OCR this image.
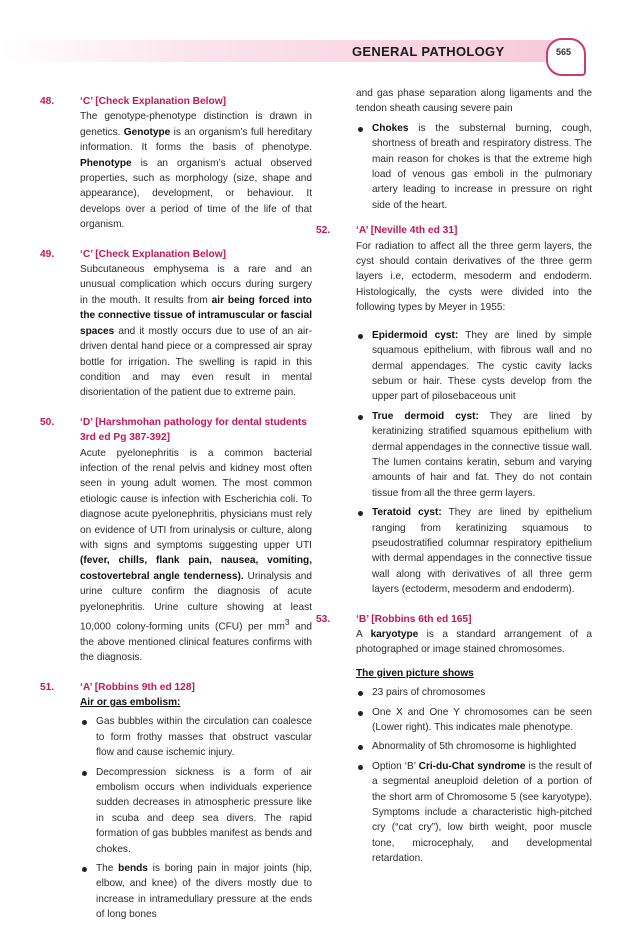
GENERAL PATHOLOGY	565
48.	‘C’ [Check Explanation Below]

The genotype-phenotype distinction is drawn in genetics. Genotype is an organism’s full hereditary information. It forms the basis of phenotype. Phenotype is an organism’s actual observed properties, such as morphology (size, shape and appearance), development, or behaviour. It develops over a period of time of the life of that organism.

49.	‘C’ [Check Explanation Below]

Subcutaneous emphysema is a rare and an unusual complication which occurs during surgery in the mouth. It results from air being forced into the connective tissue of intramuscular or fascial spaces and it mostly occurs due to use of an air-driven dental hand piece or a compressed air spray bottle for irrigation. The swelling is rapid in this condition and may even result in mental disorientation of the patient due to extreme pain.

50.	‘D’ [Harshmohan pathology for dental students 3rd ed Pg 387-392]

Acute pyelonephritis is a common bacterial infection of the renal pelvis and kidney most often seen in young adult women. The most common etiologic cause is infection with Escherichia coli. To diagnose acute pyelonephritis, physicians must rely on evidence of UTI from urinalysis or culture, along with signs and symptoms suggesting upper UTI (fever, chills, flank pain, nausea, vomiting, costovertebral angle tenderness). Urinalysis and urine culture confirm the diagnosis of acute pyelonephritis. Urine culture showing at least 10,000 colony-forming units (CFU) per $mm^3$ and the above mentioned clinical features confirms with the diagnosis.

51.	‘A’ [Robbins 9th ed 128]
Air or gas embolism:
Gas bubbles within the circulation can coalesce to form frothy masses that obstruct vascular flow and cause ischemic injury.
Decompression sickness is a form of air embolism occurs when individuals experience sudden decreases in atmospheric pressure like in scuba and deep sea divers. The rapid formation of gas bubbles manifest as bends and chokes.
The bends is boring pain in major joints (hip, elbow, and knee) of the divers mostly due to increase in intramedullary pressure at the ends of long bones

and gas phase separation along ligaments and the tendon sheath causing severe pain

Chokes is the substernal burning, cough, shortness of breath and respiratory distress. The main reason for chokes is that the extreme high load of venous gas emboli in the pulmonary artery leading to increase in pressure on right side of the heart.
52.	‘A’ [Neville 4th ed 31]

For radiation to affect all the three germ layers, the cyst should contain derivatives of the three germ layers i.e, ectoderm, mesoderm and endoderm. Histologically, the cysts were divided into the following types by Meyer in 1955:

Epidermoid cyst: They are lined by simple squamous epithelium, with fibrous wall and no dermal appendages. The cystic cavity lacks sebum or hair. These cysts develop from the upper part of pilosebaceous unit
True dermoid cyst: They are lined by keratinizing stratified squamous epithelium with dermal appendages in the connective tissue wall. The lumen contains keratin, sebum and varying amounts of hair and fat. They do not contain tissue from all the three germ layers.
Teratoid cyst: They are lined by epithelium ranging from keratinizing squamous to pseudostratified columnar respiratory epithelium with dermal appendages in the connective tissue wall along with derivatives of all three germ layers (ectoderm, mesoderm and endoderm).
53.	‘B’ [Robbins 6th ed 165]

A karyotype is a standard arrangement of a photographed or image stained chromosomes.

The given picture shows
23 pairs of chromosomes
One X and One Y chromosomes can be seen (Lower right). This indicates male phenotype.
Abnormality of 5th chromosome is highlighted
Option ‘B’ Cri-du-Chat syndrome is the result of a segmental aneuploid deletion of a portion of the short arm of Chromosome 5 (see karyotype). Symptoms include a characteristic high-pitched cry (“cat cry”), low birth weight, poor muscle tone, microcephaly, and developmental retardation.
